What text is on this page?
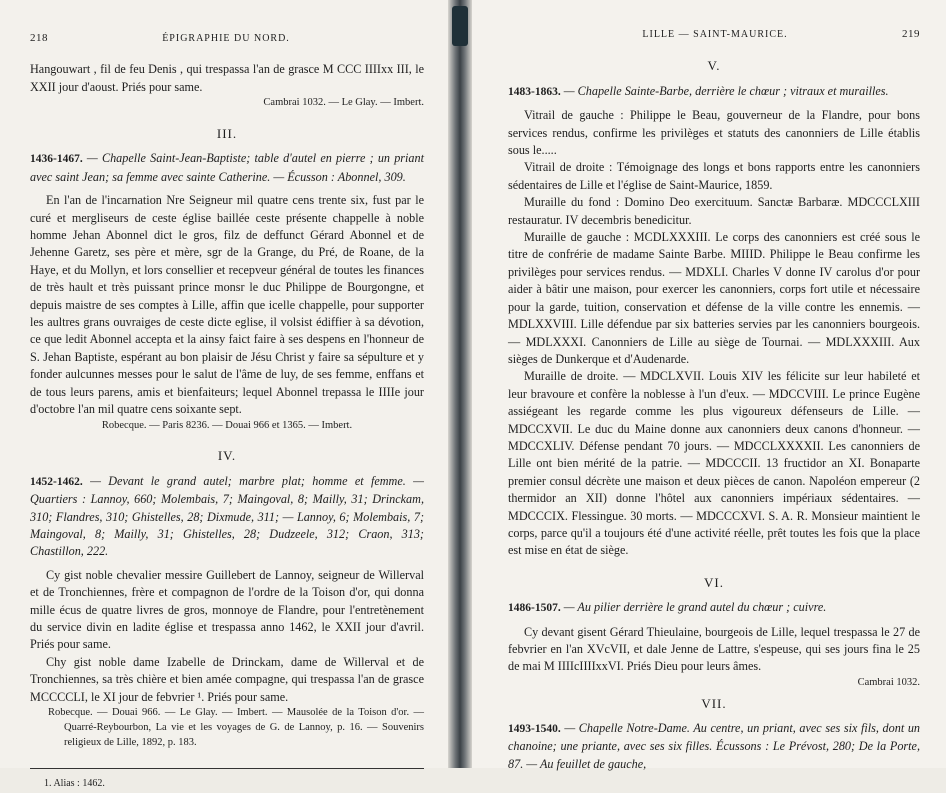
218	ÉPIGRAPHIE DU NORD.

Hangouwart , fil de feu Denis , qui trespassa l'an de grasce M CCC IIIIxx III, le XXII jour d'aoust. Priés pour same.

Cambrai 1032. — Le Glay. — Imbert.

III.

1436-1467. — Chapelle Saint-Jean-Baptiste; table d'autel en pierre ; un priant avec saint Jean; sa femme avec sainte Catherine. — Écusson : Abonnel, 309.

En l'an de l'incarnation Nre Seigneur mil quatre cens trente six, fust par le curé et mergliseurs de ceste église baillée ceste présente chappelle à noble homme Jehan Abonnel dict le gros, filz de deffunct Gérard Abonnel et de Jehenne Garetz, ses père et mère, sgr de la Grange, du Pré, de Roane, de la Haye, et du Mollyn, et lors consellier et recepveur général de toutes les finances de très hault et très puissant prince monsr le duc Philippe de Bourgongne, et depuis maistre de ses comptes à Lille, affin que icelle chappelle, pour supporter les aultres grans ouvraiges de ceste dicte eglise, il volsist édiffier à sa dévotion, ce que ledit Abonnel accepta et la ainsy faict faire à ses despens en l'honneur de S. Jehan Baptiste, espérant au bon plaisir de Jésu Christ y faire sa sépulture et y fonder aulcunnes messes pour le salut de l'âme de luy, de ses femme, enffans et de tous leurs parens, amis et bienfaiteurs; lequel Abonnel trepassa le IIIIe jour d'octobre l'an mil quatre cens soixante sept.

Robecque. — Paris 8236. — Douai 966 et 1365. — Imbert.

IV.

1452-1462. — Devant le grand autel; marbre plat; homme et femme. — Quartiers : Lannoy, 660; Molembais, 7; Maingoval, 8; Mailly, 31; Drinckam, 310; Flandres, 310; Ghistelles, 28; Dixmude, 311; — Lannoy, 6; Molembais, 7; Maingoval, 8; Mailly, 31; Ghistelles, 28; Dudzeele, 312; Craon, 313; Chastillon, 222.

Cy gist noble chevalier messire Guillebert de Lannoy, seigneur de Willerval et de Tronchiennes, frère et compagnon de l'ordre de la Toison d'or, qui donna mille écus de quatre livres de gros, monnoye de Flandre, pour l'entretènement du service divin en ladite église et trespassa anno 1462, le XXII jour d'avril. Priés pour same.

Chy gist noble dame Izabelle de Drinckam, dame de Willerval et de Tronchiennes, sa très chière et bien amée compagne, qui trespassa l'an de grasce MCCCCLI, le XI jour de febvrier ¹. Priés pour same.

Robecque. — Douai 966. — Le Glay. — Imbert. — Mausolée de la Toison d'or. — Quarré-Reybourbon, La vie et les voyages de G. de Lannoy, p. 16. — Souvenirs religieux de Lille, 1892, p. 183.

1. Alias : 1462.
LILLE — SAINT-MAURICE.	219
V.

1483-1863. — Chapelle Sainte-Barbe, derrière le chœur ; vitraux et murailles.

Vitrail de gauche : Philippe le Beau, gouverneur de la Flandre, pour bons services rendus, confirme les privilèges et statuts des canonniers de Lille établis sous le.....

Vitrail de droite : Témoignage des longs et bons rapports entre les canonniers sédentaires de Lille et l'église de Saint-Maurice, 1859.

Muraille du fond : Domino Deo exercituum. Sanctæ Barbaræ. MDCCCLXIII restauratur. IV decembris benedicitur.

Muraille de gauche : MCDLXXXIII. Le corps des canonniers est créé sous le titre de confrérie de madame Sainte Barbe. MIIID. Philippe le Beau confirme les privilèges pour services rendus. — MDXLI. Charles V donne IV carolus d'or pour aider à bâtir une maison, pour exercer les canonniers, corps fort utile et nécessaire pour la garde, tuition, conservation et défense de la ville contre les ennemis. — MDLXXVIII. Lille défendue par six batteries servies par les canonniers bourgeois. — MDLXXXI. Canonniers de Lille au siège de Tournai. — MDLXXXIII. Aux sièges de Dunkerque et d'Audenarde.

Muraille de droite. — MDCLXVII. Louis XIV les félicite sur leur habileté et leur bravoure et confère la noblesse à l'un d'eux. — MDCCVIII. Le prince Eugène assiégeant les regarde comme les plus vigoureux défenseurs de Lille. — MDCCXVII. Le duc du Maine donne aux canonniers deux canons d'honneur. — MDCCXLIV. Défense pendant 70 jours. — MDCCLXXXXII. Les canonniers de Lille ont bien mérité de la patrie. — MDCCCII. 13 fructidor an XI. Bonaparte premier consul décrète une maison et deux pièces de canon. Napoléon empereur (2 thermidor an XII) donne l'hôtel aux canonniers impériaux sédentaires. — MDCCCIX. Flessingue. 30 morts. — MDCCCXVI. S. A. R. Monsieur maintient le corps, parce qu'il a toujours été d'une activité réelle, prêt toutes les fois que la place est mise en état de siège.

VI.

1486-1507. — Au pilier derrière le grand autel du chœur ; cuivre.

Cy devant gisent Gérard Thieulaine, bourgeois de Lille, lequel trespassa le 27 de febvrier en l'an XVcVII, et dale Jenne de Lattre, s'espeuse, qui ses jours fina le 25 de mai M IIIIcIIIIxxVI. Priés Dieu pour leurs âmes.

Cambrai 1032.

VII.

1493-1540. — Chapelle Notre-Dame. Au centre, un priant, avec ses six fils, dont un chanoine; une priante, avec ses six filles. Écussons : Le Prévost, 280; De la Porte, 87. — Au feuillet de gauche,
